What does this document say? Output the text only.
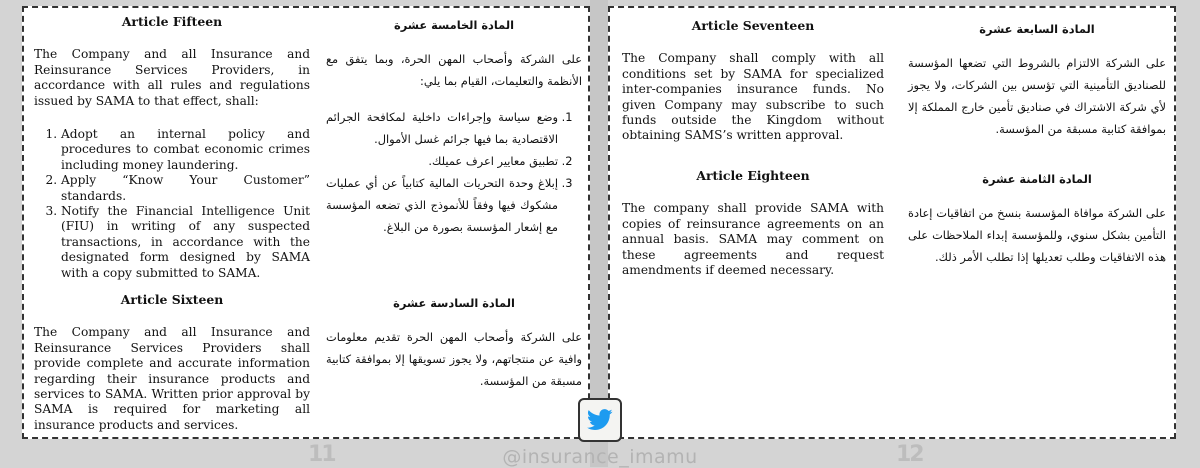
Article Fifteen

The Company and all Insurance and Reinsurance Services Providers, in accordance with all rules and regulations issued by SAMA to that effect, shall:

1. Adopt an internal policy and procedures to combat economic crimes including money laundering.
2. Apply “Know Your Customer” standards.
3. Notify the Financial Intelligence Unit (FIU) in writing of any suspected transactions, in accordance with the designated form designed by SAMA with a copy submitted to SAMA.
Article Sixteen

The Company and all Insurance and Reinsurance Services Providers shall provide complete and accurate information regarding their insurance products and services to SAMA. Written prior approval by SAMA is required for marketing all insurance products and services.

المادة الخامسة عشرة

على الشركة وأصحاب المهن الحرة، وبما يتفق مع الأنظمة والتعليمات، القيام بما يلي:

1. وضع سياسة وإجراءات داخلية لمكافحة الجرائم الاقتصادية بما فيها جرائم غسل الأموال.
2. تطبيق معايير اعرف عميلك.
3. إبلاغ وحدة التحريات المالية كتابياً عن أي عمليات مشكوك فيها وفقاً للأنموذج الذي تضعه المؤسسة مع إشعار المؤسسة بصورة من البلاغ.
المادة السادسة عشرة

على الشركة وأصحاب المهن الحرة تقديم معلومات وافية عن منتجاتهم، ولا يجوز تسويقها إلا بموافقة كتابية مسبقة من المؤسسة.

Article Seventeen

The Company shall comply with all conditions set by SAMA for specialized inter-companies insurance funds. No given Company may subscribe to such funds outside the Kingdom without obtaining SAMS’s written approval.

Article Eighteen

The company shall provide SAMA with copies of reinsurance agreements on an annual basis. SAMA may comment on these agreements and request amendments if deemed necessary.

المادة السابعة عشرة

على الشركة الالتزام بالشروط التي تضعها المؤسسة للصناديق التأمينية التي تؤسس بين الشركات، ولا يجوز لأي شركة الاشتراك في صناديق تأمين خارج المملكة إلا بموافقة كتابية مسبقة من المؤسسة.

المادة الثامنة عشرة

على الشركة موافاة المؤسسة بنسخ من اتفاقيات إعادة التأمين بشكل سنوي، وللمؤسسة إبداء الملاحظات على هذه الاتفاقيات وطلب تعديلها إذا تطلب الأمر ذلك.

11	12
@insurance_imamu
